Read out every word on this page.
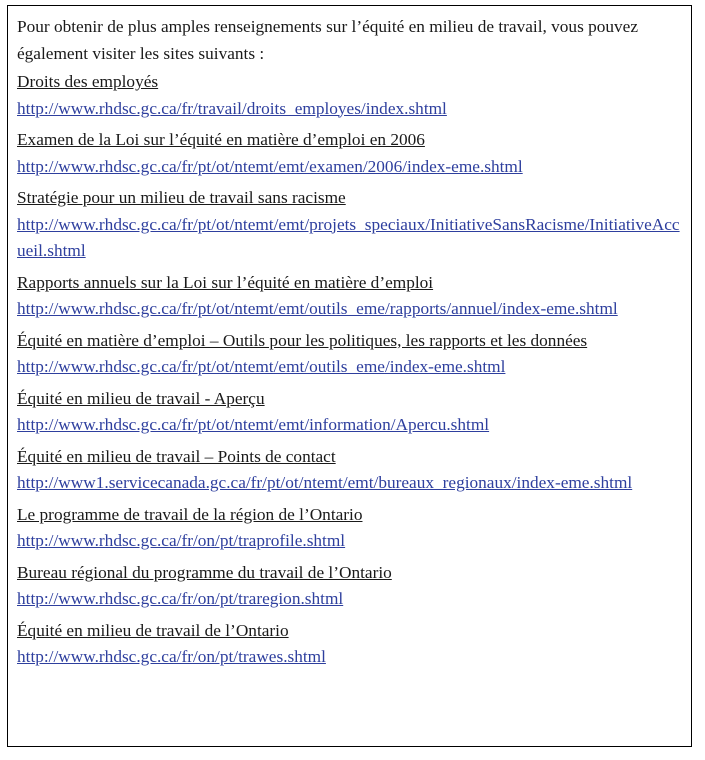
Pour obtenir de plus amples renseignements sur l’équité en milieu de travail, vous pouvez également visiter les sites suivants :

Droits des employés
http://www.rhdsc.gc.ca/fr/travail/droits_employes/index.shtml
Examen de la Loi sur l’équité en matière d’emploi en 2006
http://www.rhdsc.gc.ca/fr/pt/ot/ntemt/emt/examen/2006/index-eme.shtml
Stratégie pour un milieu de travail sans racisme
http://www.rhdsc.gc.ca/fr/pt/ot/ntemt/emt/projets_speciaux/InitiativeSansRacisme/InitiativeAccueil.shtml
Rapports annuels sur la Loi sur l’équité en matière d’emploi
http://www.rhdsc.gc.ca/fr/pt/ot/ntemt/emt/outils_eme/rapports/annuel/index-eme.shtml
Équité en matière d’emploi – Outils pour les politiques, les rapports et les données
http://www.rhdsc.gc.ca/fr/pt/ot/ntemt/emt/outils_eme/index-eme.shtml
Équité en milieu de travail - Aperçu
http://www.rhdsc.gc.ca/fr/pt/ot/ntemt/emt/information/Apercu.shtml
Équité en milieu de travail – Points de contact
http://www1.servicecanada.gc.ca/fr/pt/ot/ntemt/emt/bureaux_regionaux/index-eme.shtml
Le programme de travail de la région de l’Ontario
http://www.rhdsc.gc.ca/fr/on/pt/traprofile.shtml
Bureau régional du programme du travail de l’Ontario
http://www.rhdsc.gc.ca/fr/on/pt/traregion.shtml
Équité en milieu de travail de l’Ontario
http://www.rhdsc.gc.ca/fr/on/pt/trawes.shtml
